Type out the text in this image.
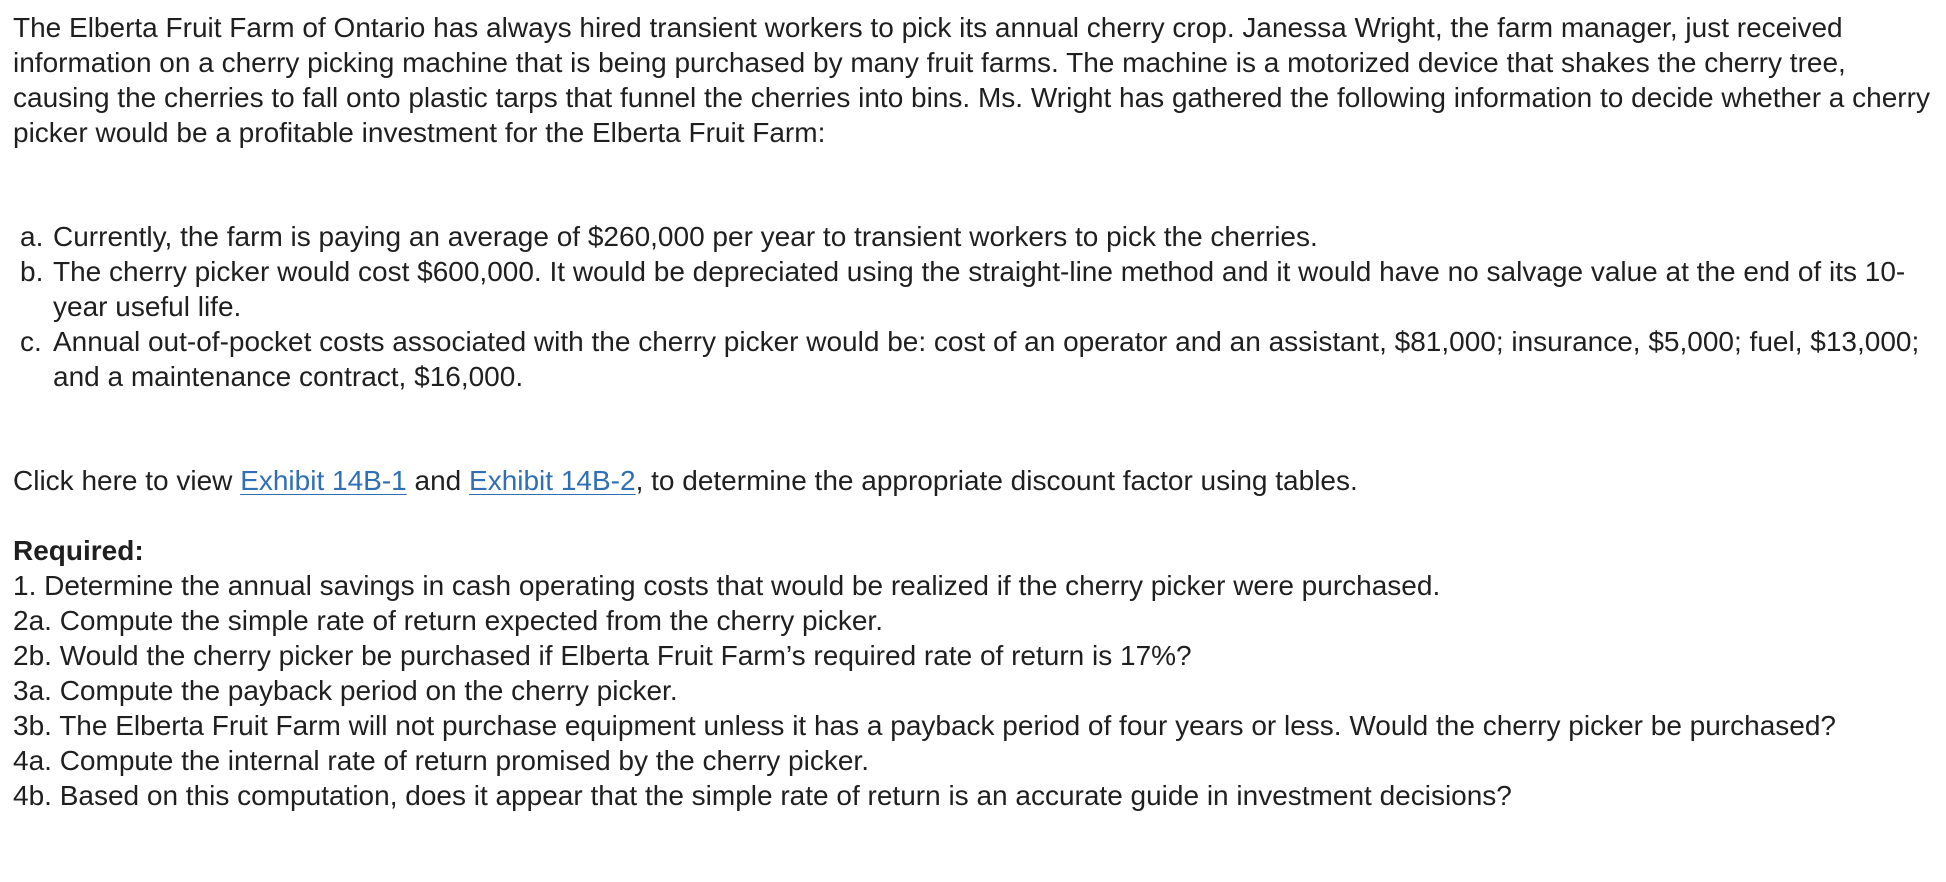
The Elberta Fruit Farm of Ontario has always hired transient workers to pick its annual cherry crop. Janessa Wright, the farm manager, just received information on a cherry picking machine that is being purchased by many fruit farms. The machine is a motorized device that shakes the cherry tree, causing the cherries to fall onto plastic tarps that funnel the cherries into bins. Ms. Wright has gathered the following information to decide whether a cherry picker would be a profitable investment for the Elberta Fruit Farm:

a. Currently, the farm is paying an average of $260,000 per year to transient workers to pick the cherries.
b. The cherry picker would cost $600,000. It would be depreciated using the straight-line method and it would have no salvage value at the end of its 10-year useful life.
c. Annual out-of-pocket costs associated with the cherry picker would be: cost of an operator and an assistant, $81,000; insurance, $5,000; fuel, $13,000; and a maintenance contract, $16,000.

Click here to view Exhibit 14B-1 and Exhibit 14B-2, to determine the appropriate discount factor using tables.

Required:
1. Determine the annual savings in cash operating costs that would be realized if the cherry picker were purchased.
2a. Compute the simple rate of return expected from the cherry picker.
2b. Would the cherry picker be purchased if Elberta Fruit Farm’s required rate of return is 17%?
3a. Compute the payback period on the cherry picker.
3b. The Elberta Fruit Farm will not purchase equipment unless it has a payback period of four years or less. Would the cherry picker be purchased?
4a. Compute the internal rate of return promised by the cherry picker.
4b. Based on this computation, does it appear that the simple rate of return is an accurate guide in investment decisions?
